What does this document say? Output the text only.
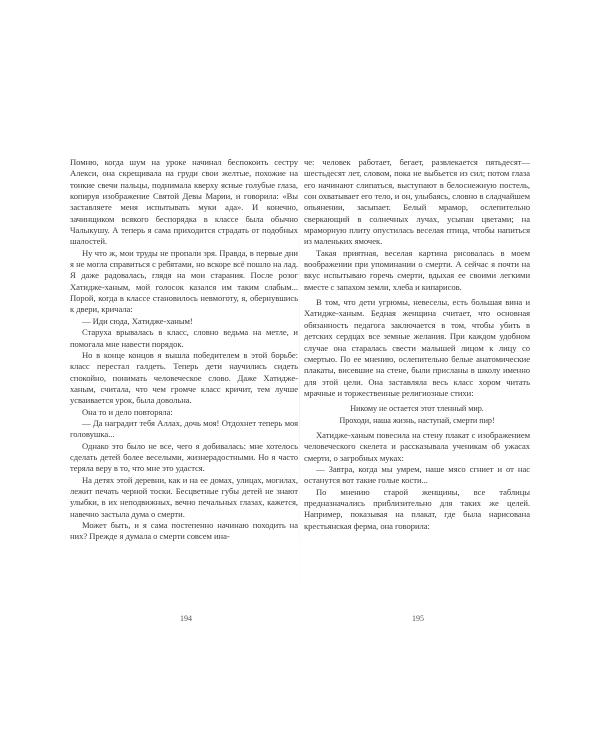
Помню, когда шум на уроке начинал беспокоить сестру Алекси, она скрещивала на груди свои желтые, похожие на тонкие свечи пальцы, поднимала кверху ясные голубые глаза, копируя изображение Святой Девы Марии, и говорила: «Вы заставляете меня испытывать муки ада». И конечно, зачинщиком всякого беспорядка в классе была обычно Чалыкушу. А теперь я сама приходится страдать от подобных шалостей.

Ну что ж, мои труды не пропали зря. Правда, в первые дни я не могла справиться с ребятами, но вскоре всё пошло на лад. Я даже радовалась, глядя на мои старания. После розог Хатидже-ханым, мой голосок казался им таким слабым... Порой, когда в классе становилось невмоготу, я, обернувшись к двери, кричала:

— Иди сюда, Хатидже-ханым!

Старуха врывалась в класс, словно ведьма на метле, и помогала мне навести порядок.

Но в конце концов я вышла победителем в этой борьбе: класс перестал галдеть. Теперь дети научились сидеть спокойно, понимать человеческое слово. Даже Хатидже-ханым, считала, что чем громче класс кричит, тем лучше усваивается урок, была довольна.

Она то и дело повторяла:

— Да наградит тебя Аллах, дочь моя! Отдохнет теперь моя головушка...

Однако это было не все, чего я добивалась: мне хотелось сделать детей более веселыми, жизнерадостными. Но я часто теряла веру в то, что мне это удастся.

На детях этой деревни, как и на ее домах, улицах, могилах, лежит печать черной тоски. Бесцветные губы детей не знают улыбки, в их неподвижных, вечно печальных глазах, кажется, навечно застыла дума о смерти.

Может быть, и я сама постепенно начинаю походить на них? Прежде я думала о смерти совсем ина-

194

че: человек работает, бегает, развлекается пятьдесят—шестьдесят лет, словом, пока не выбьется из сил; потом глаза его начинают слипаться, выступают в белоснежную постель, сон охватывает его тело, и он, улыбаясь, словно в сладчайшем опьянении, засыпает. Белый мрамор, ослепительно сверкающий в солнечных лучах, усыпан цветами; на мраморную плиту опустилась веселая птица, чтобы напиться из маленьких ямочек.

Такая приятная, веселая картина рисовалась в моем воображении при упоминании о смерти. А сейчас я почти на вкус испытываю горечь смерти, вдыхая ее своими легкими вместе с запахом земли, хлеба и кипарисов.

В том, что дети угрюмы, невеселы, есть большая вина и Хатидже-ханым. Бедная женщина считает, что основная обязанность педагога заключается в том, чтобы убить в детских сердцах все земные желания. При каждом удобном случае она старалась свести малышей лицом к лицу со смертью. По ее мнению, ослепительно белые анатомические плакаты, висевшие на стене, были присланы в школу именно для этой цели. Она заставляла весь класс хором читать мрачные и торжественные религиозные стихи:

Никому не остается этот тленный мир.
Проходи, наша жизнь, наступай, смерти пир!

Хатидже-ханым повесила на стену плакат с изображением человеческого скелета и рассказывала ученикам об ужасах смерти, о загробных муках:

— Завтра, когда мы умрем, наше мясо сгниет и от нас останутся вот такие голые кости...

По мнению старой женщины, все таблицы предназначались приблизительно для таких же целей. Например, показывая на плакат, где была нарисована крестьянская ферма, она говорила:

195
